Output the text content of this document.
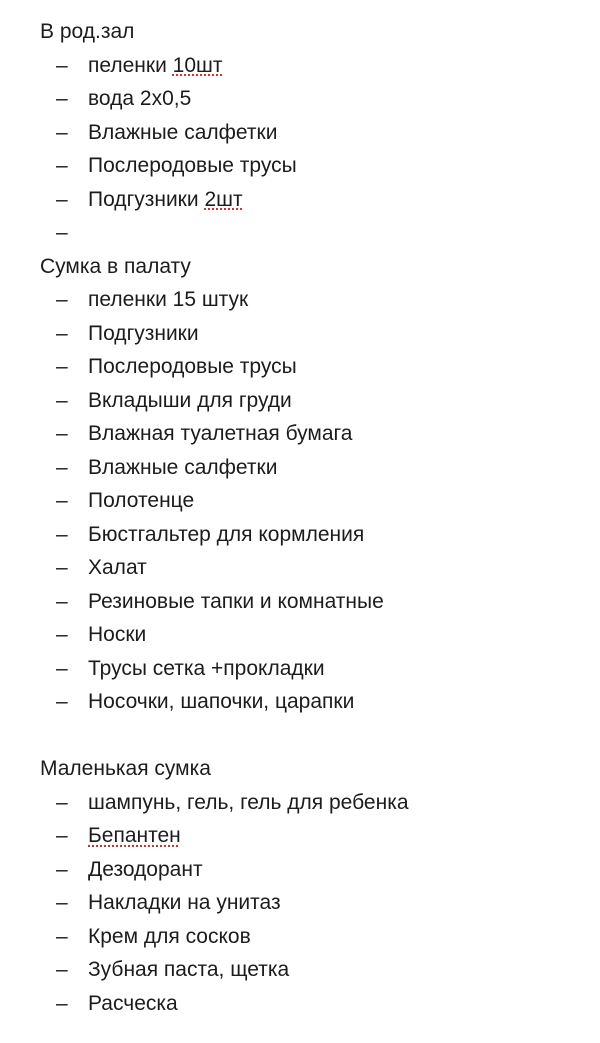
В род.зал
– пеленки 10шт
– вода 2х0,5
– Влажные салфетки
– Послеродовые трусы
– Подгузники 2шт
–
Сумка в палату
– пеленки 15 штук
– Подгузники
– Послеродовые трусы
– Вкладыши для груди
– Влажная туалетная бумага
– Влажные салфетки
– Полотенце
– Бюстгальтер для кормления
– Халат
– Резиновые тапки и комнатные
– Носки
– Трусы сетка +прокладки
– Носочки, шапочки, царапки
Маленькая сумка
– шампунь, гель, гель для ребенка
– Бепантен
– Дезодорант
– Накладки на унитаз
– Крем для сосков
– Зубная паста, щетка
– Расческа
